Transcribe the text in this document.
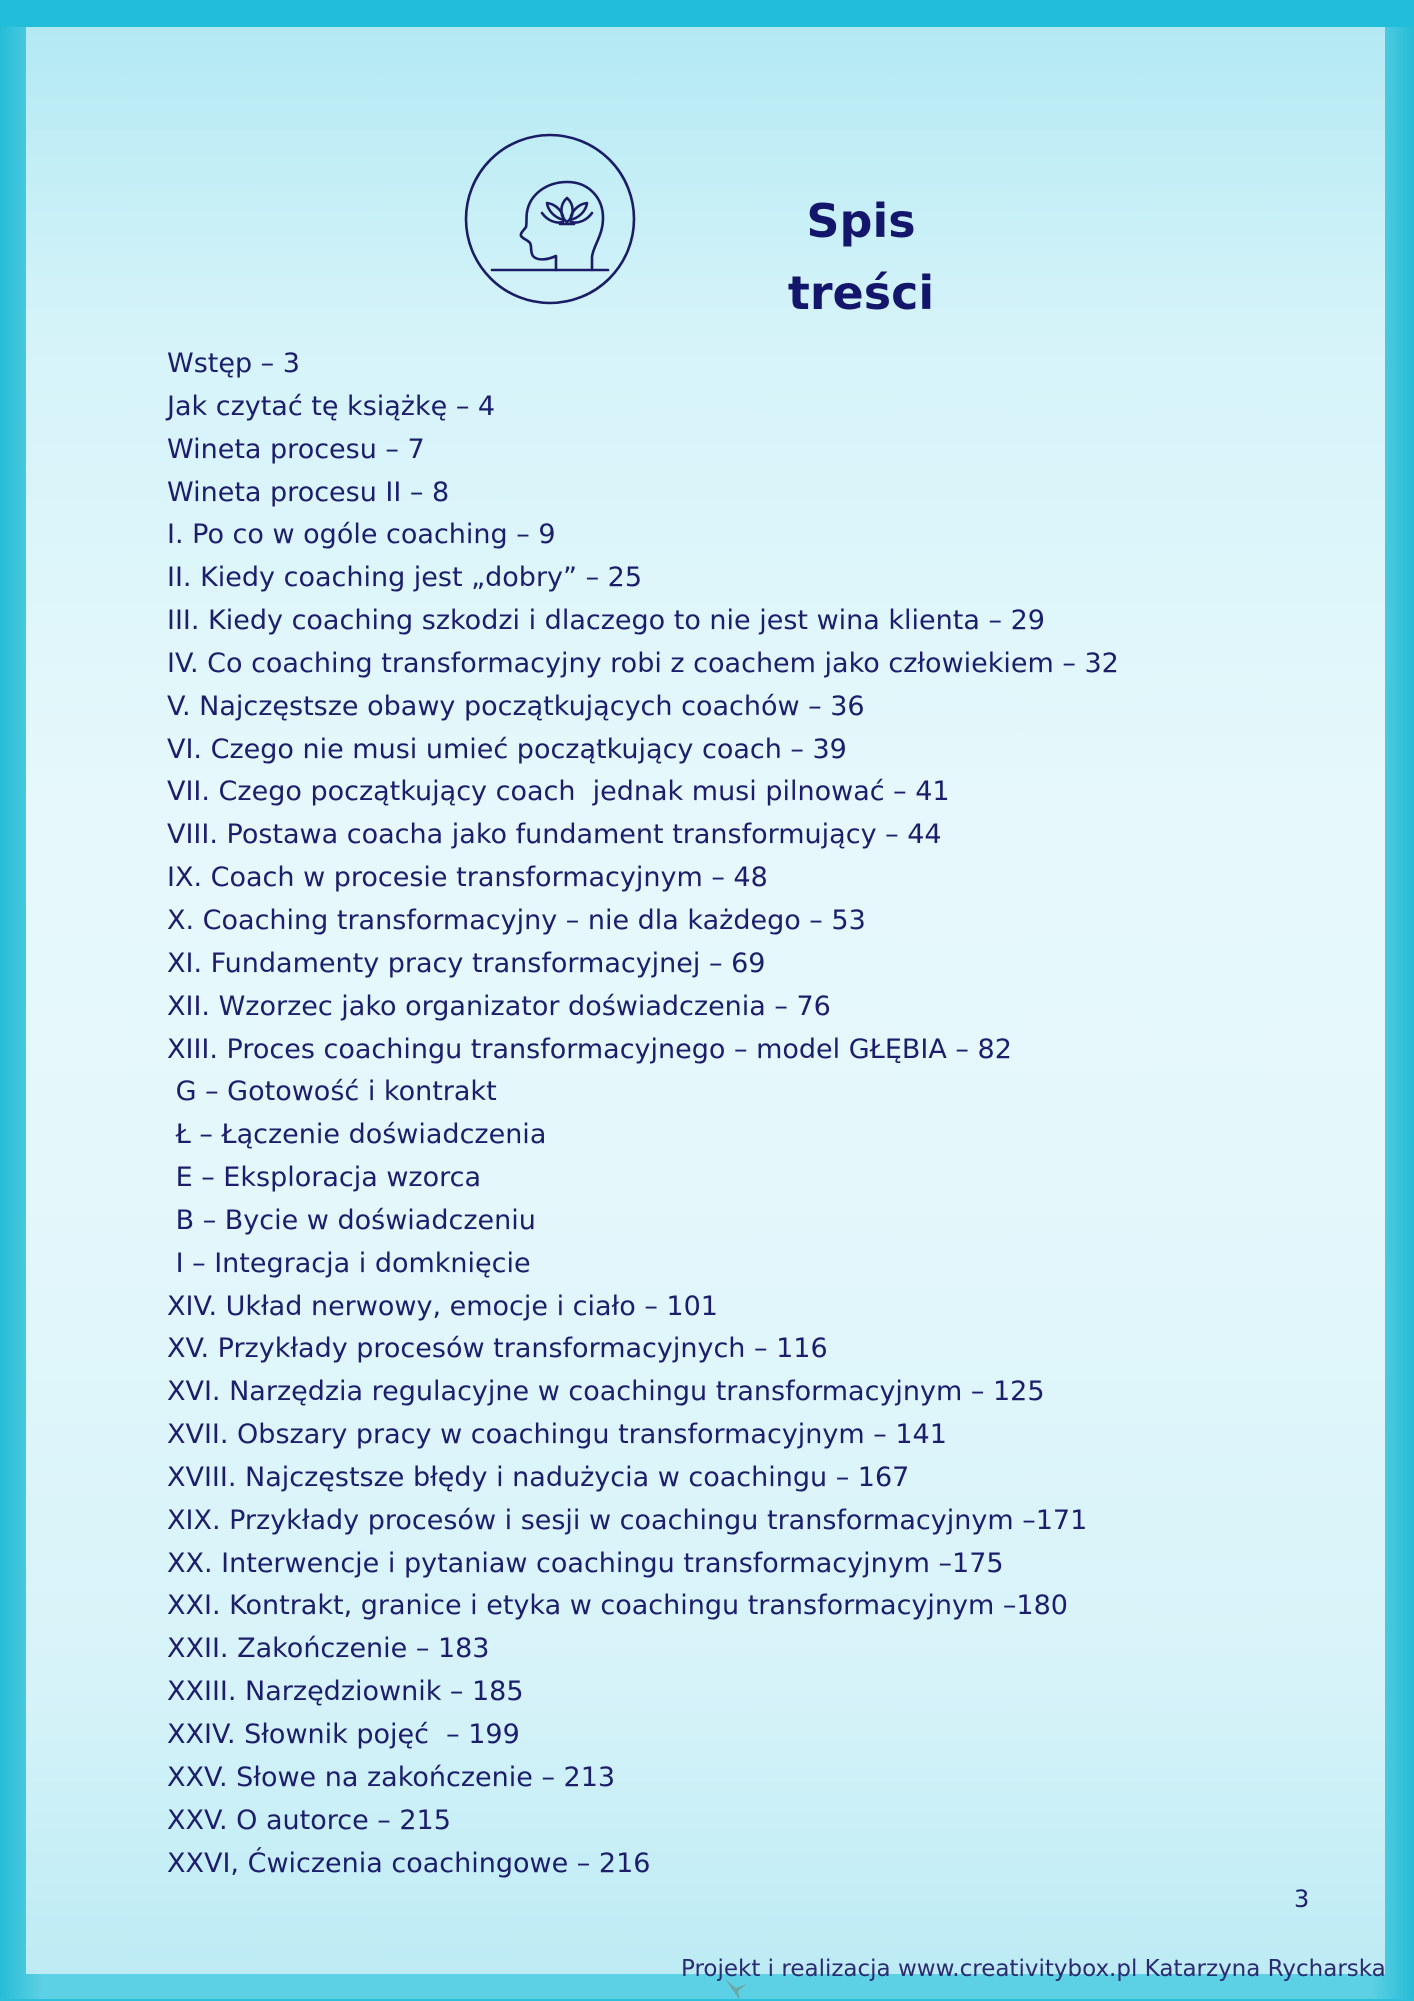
Spis treści
Wstęp – 3
Jak czytać tę książkę – 4
Wineta procesu – 7
Wineta procesu II – 8
I. Po co w ogóle coaching – 9
II. Kiedy coaching jest „dobry” – 25
III. Kiedy coaching szkodzi i dlaczego to nie jest wina klienta – 29
IV. Co coaching transformacyjny robi z coachem jako człowiekiem – 32
V. Najczęstsze obawy początkujących coachów – 36
VI. Czego nie musi umieć początkujący coach – 39
VII. Czego początkujący coach  jednak musi pilnować – 41
VIII. Postawa coacha jako fundament transformujący – 44
IX. Coach w procesie transformacyjnym – 48
X. Coaching transformacyjny – nie dla każdego – 53
XI. Fundamenty pracy transformacyjnej – 69
XII. Wzorzec jako organizator doświadczenia – 76
XIII. Proces coachingu transformacyjnego – model GŁĘBIA – 82
G – Gotowość i kontrakt
Ł – Łączenie doświadczenia
E – Eksploracja wzorca
B – Bycie w doświadczeniu
I – Integracja i domknięcie
XIV. Układ nerwowy, emocje i ciało – 101
XV. Przykłady procesów transformacyjnych – 116
XVI. Narzędzia regulacyjne w coachingu transformacyjnym – 125
XVII. Obszary pracy w coachingu transformacyjnym – 141
XVIII. Najczęstsze błędy i nadużycia w coachingu – 167
XIX. Przykłady procesów i sesji w coachingu transformacyjnym –171
XX. Interwencje i pytaniaw coachingu transformacyjnym –175
XXI. Kontrakt, granice i etyka w coachingu transformacyjnym –180
XXII. Zakończenie – 183
XXIII. Narzędziownik – 185
XXIV. Słownik pojęć  – 199
XXV. Słowe na zakończenie – 213
XXV. O autorce – 215
XXVI, Ćwiczenia coachingowe – 216
3
Projekt i realizacja www.creativitybox.pl Katarzyna Rycharska
